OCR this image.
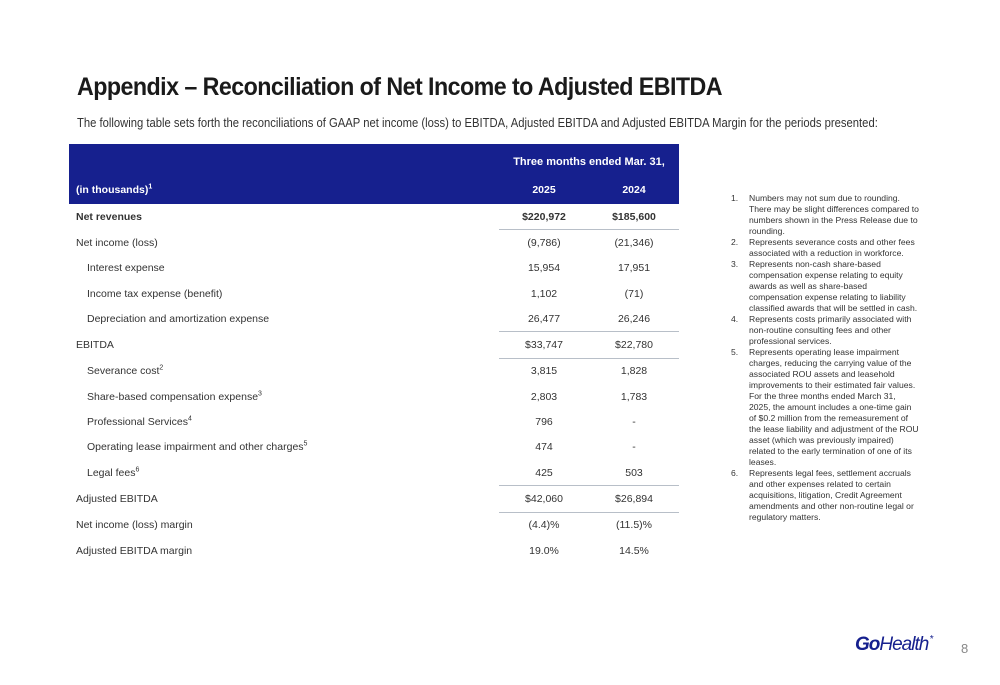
Appendix – Reconciliation of Net Income to Adjusted EBITDA

The following table sets forth the reconciliations of GAAP net income (loss) to EBITDA, Adjusted EBITDA and Adjusted EBITDA Margin for the periods presented:

(in thousands)$^1$	Three months ended Mar. 31,	
	2025	2024
Net revenues	$220,972	$185,600
Net income (loss)	(9,786)	(21,346)
Interest expense	15,954	17,951
Income tax expense (benefit)	1,102	(71)
Depreciation and amortization expense	26,477	26,246
EBITDA	$33,747	$22,780
Severance cost$^2$	3,815	1,828
Share-based compensation expense$^3$	2,803	1,783
Professional Services$^4$	796	-
Operating lease impairment and other charges$^5$	474	-
Legal fees$^6$	425	503
Adjusted EBITDA	$42,060	$26,894
Net income (loss) margin	(4.4)%	(11.5)%
Adjusted EBITDA margin	19.0%	14.5%
1. Numbers may not sum due to rounding. There may be slight differences compared to numbers shown in the Press Release due to rounding.
2. Represents severance costs and other fees associated with a reduction in workforce.
3. Represents non-cash share-based compensation expense relating to equity awards as well as share-based compensation expense relating to liability classified awards that will be settled in cash.
4. Represents costs primarily associated with non-routine consulting fees and other professional services.
5. Represents operating lease impairment charges, reducing the carrying value of the associated ROU assets and leasehold improvements to their estimated fair values. For the three months ended March 31, 2025, the amount includes a one-time gain of $0.2 million from the remeasurement of the lease liability and adjustment of the ROU asset (which was previously impaired) related to the early termination of one of its leases.
6. Represents legal fees, settlement accruals and other expenses related to certain acquisitions, litigation, Credit Agreement amendments and other non-routine legal or regulatory matters.
GoHealth*
8
